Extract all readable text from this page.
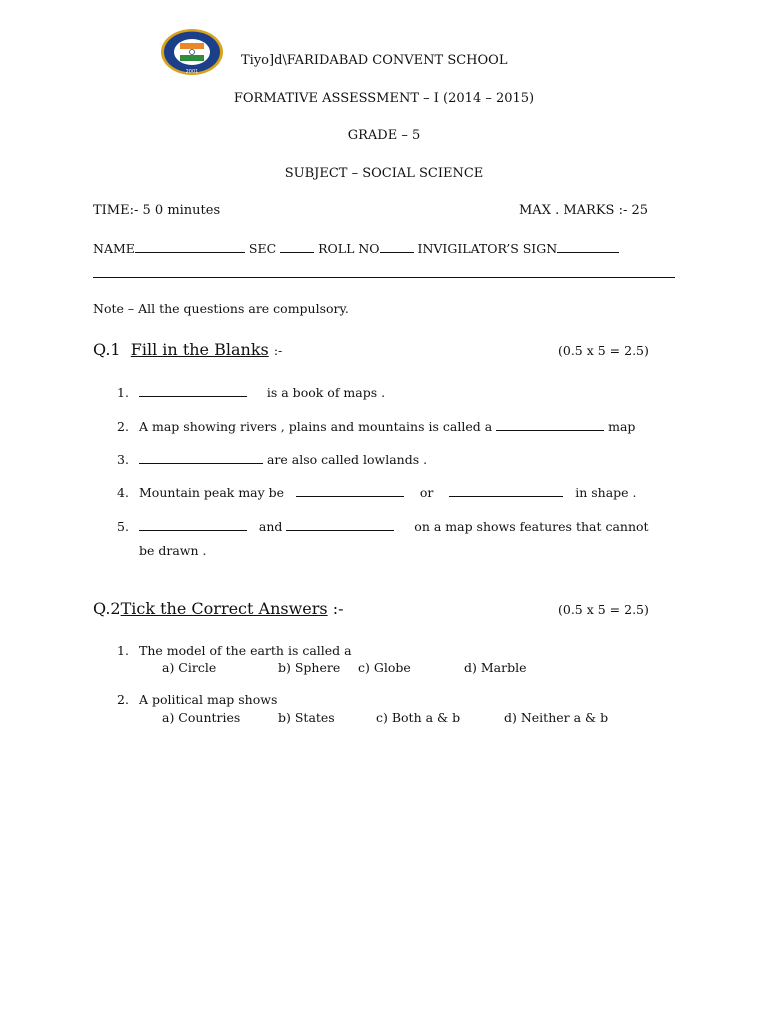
2001
Tiyo]d\FARIDABAD CONVENT SCHOOL
FORMATIVE ASSESSMENT – I (2014 – 2015)
GRADE – 5
SUBJECT – SOCIAL SCIENCE
TIME:- 5 0 minutes	MAX . MARKS :- 25
NAME	SEC	ROLL NO	INVIGILATOR’S SIGN
Note – All the questions are compulsory.
Q.1 Fill in the Blanks :-	(0.5 x 5 = 2.5)
1.	is a book of maps .
2. A map showing rivers , plains and mountains is called a	map
3.	are also called lowlands .
4. Mountain peak may be	or	in shape .
5.	and	on a map shows features that cannot
be drawn .
Q.2Tick the Correct Answers :-	(0.5 x 5 = 2.5)
1. The model of the earth is called a
a) Circle	b) Sphere c) Globe	d) Marble
2. A political map shows
a) Countries	b) States	c) Both a & b	d) Neither a & b
